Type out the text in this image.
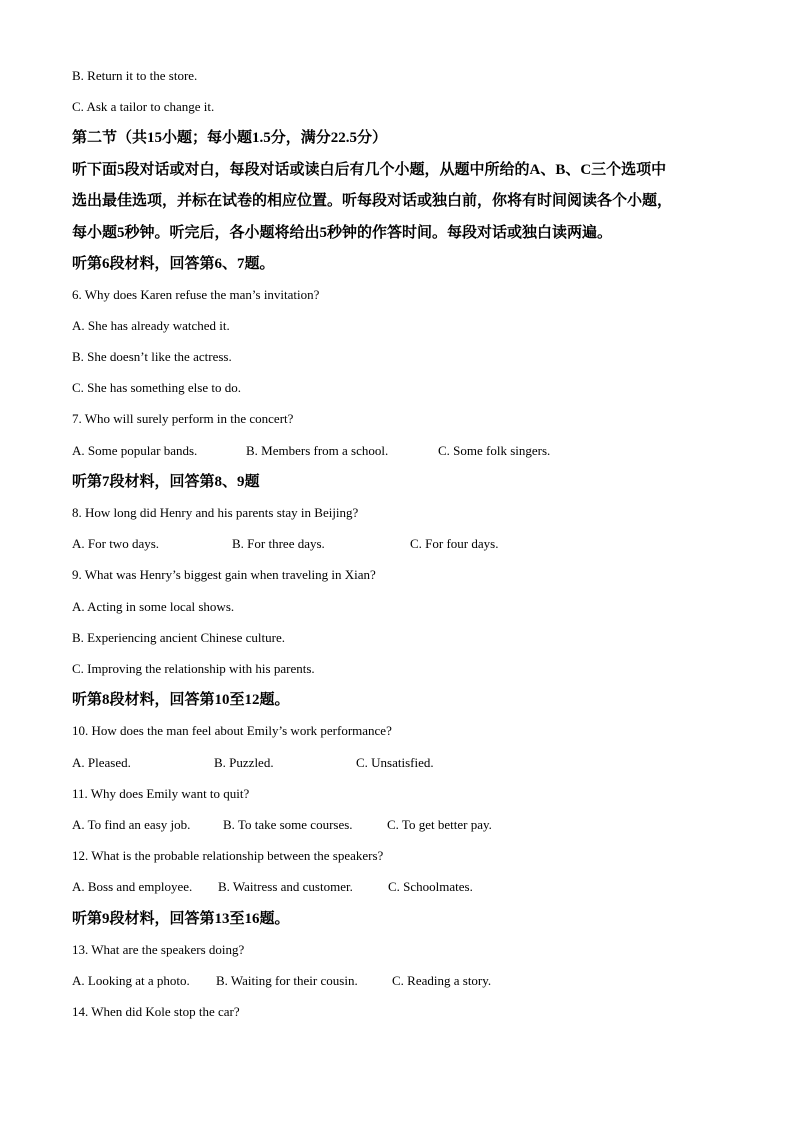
B. Return it to the store.
C. Ask a tailor to change it.
第二节（共15小题；每小题1.5分，满分22.5分）
听下面5段对话或对白，每段对话或读白后有几个小题，从题中所给的A、B、C三个选项中
选出最佳选项，并标在试卷的相应位置。听每段对话或独白前，你将有时间阅读各个小题，
每小题5秒钟。听完后，各小题将给出5秒钟的作答时间。每段对话或独白读两遍。
听第6段材料，回答第6、7题。
6. Why does Karen refuse the man’s invitation?
A. She has already watched it.
B. She doesn’t like the actress.
C. She has something else to do.
7. Who will surely perform in the concert?
A. Some popular bands.	B. Members from a school.	C. Some folk singers.
听第7段材料，回答第8、9题
8. How long did Henry and his parents stay in Beijing?
A. For two days.	B. For three days.	C. For four days.
9. What was Henry’s biggest gain when traveling in Xian?
A. Acting in some local shows.
B. Experiencing ancient Chinese culture.
C. Improving the relationship with his parents.
听第8段材料，回答第10至12题。
10. How does the man feel about Emily’s work performance?
A. Pleased.	B. Puzzled.	C. Unsatisfied.
11. Why does Emily want to quit?
A. To find an easy job.	B. To take some courses.	C. To get better pay.
12. What is the probable relationship between the speakers?
A. Boss and employee. B. Waitress and customer.	C. Schoolmates.
听第9段材料，回答第13至16题。
13. What are the speakers doing?
A. Looking at a photo. B. Waiting for their cousin.	C. Reading a story.
14. When did Kole stop the car?
